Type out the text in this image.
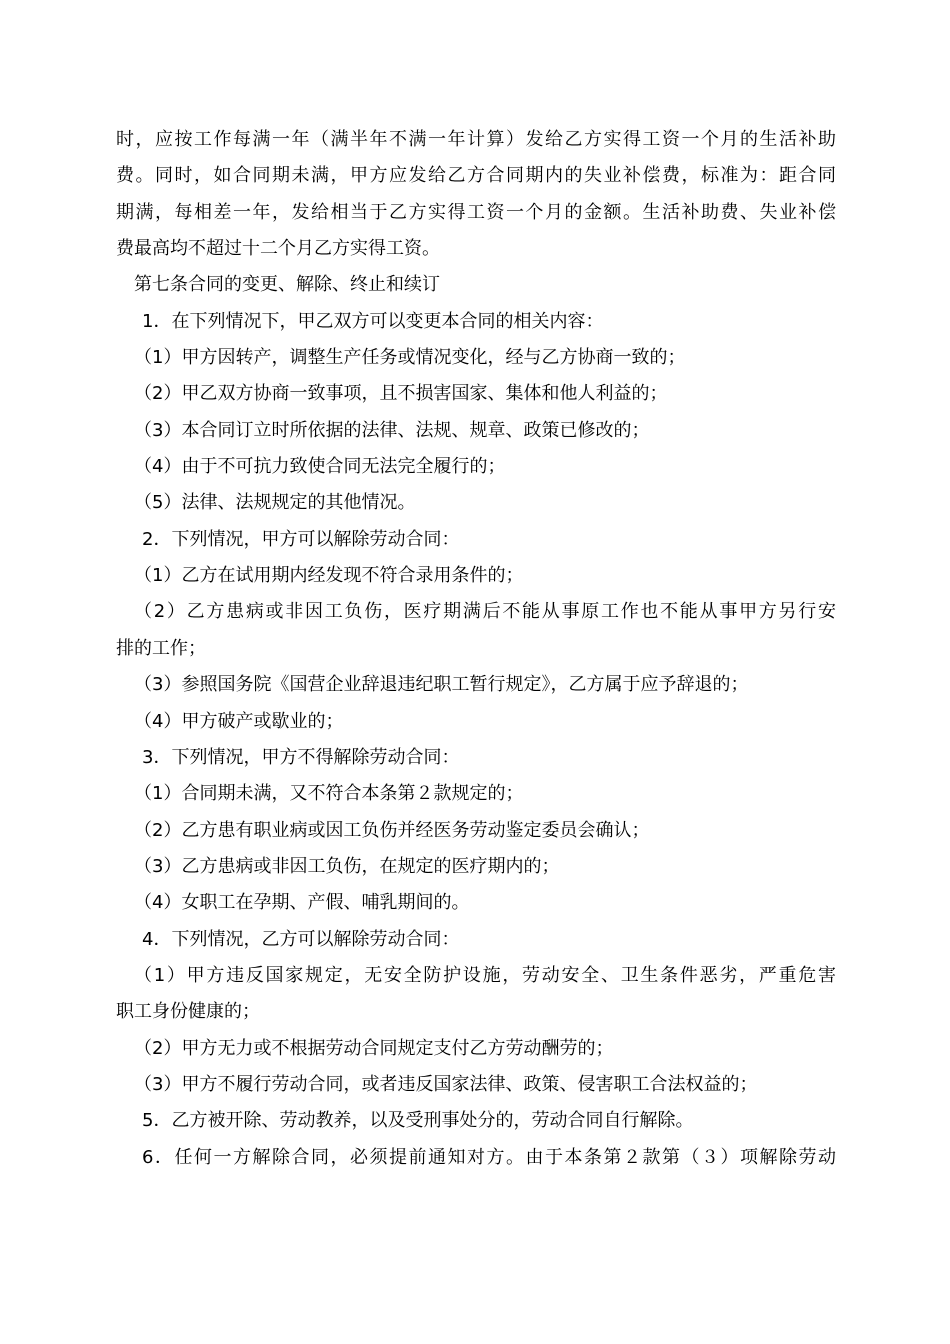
时，应按工作每满一年（满半年不满一年计算）发给乙方实得工资一个月的生活补助
费。同时，如合同期未满，甲方应发给乙方合同期内的失业补偿费，标准为：距合同
期满，每相差一年，发给相当于乙方实得工资一个月的金额。生活补助费、失业补偿
费最高均不超过十二个月乙方实得工资。
第七条合同的变更、解除、终止和续订
1．在下列情况下，甲乙双方可以变更本合同的相关内容：
（1）甲方因转产，调整生产任务或情况变化，经与乙方协商一致的；
（2）甲乙双方协商一致事项，且不损害国家、集体和他人利益的；
（3）本合同订立时所依据的法律、法规、规章、政策已修改的；
（4）由于不可抗力致使合同无法完全履行的；
（5）法律、法规规定的其他情况。
2．下列情况，甲方可以解除劳动合同：
（1）乙方在试用期内经发现不符合录用条件的；
（2）乙方患病或非因工负伤，医疗期满后不能从事原工作也不能从事甲方另行安
排的工作；
（3）参照国务院《国营企业辞退违纪职工暂行规定》，乙方属于应予辞退的；
（4）甲方破产或歇业的；
3．下列情况，甲方不得解除劳动合同：
（1）合同期未满，又不符合本条第２款规定的；
（2）乙方患有职业病或因工负伤并经医务劳动鉴定委员会确认；
（3）乙方患病或非因工负伤，在规定的医疗期内的；
（4）女职工在孕期、产假、哺乳期间的。
4．下列情况，乙方可以解除劳动合同：
（1）甲方违反国家规定，无安全防护设施，劳动安全、卫生条件恶劣，严重危害
职工身份健康的；
（2）甲方无力或不根据劳动合同规定支付乙方劳动酬劳的；
（3）甲方不履行劳动合同，或者违反国家法律、政策、侵害职工合法权益的；
5．乙方被开除、劳动教养，以及受刑事处分的，劳动合同自行解除。
6．任何一方解除合同，必须提前通知对方。由于本条第２款第（３）项解除劳动
